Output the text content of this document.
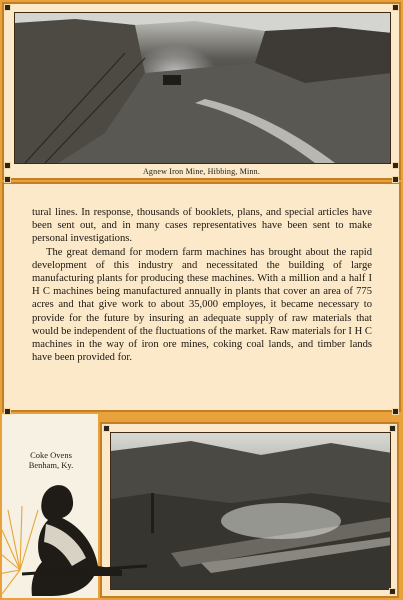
Agnew Iron Mine, Hibbing, Minn.

tural lines. In response, thousands of booklets, plans, and special articles have been sent out, and in many cases representatives have been sent to make personal investigations.

The great demand for modern farm machines has brought about the rapid development of this industry and necessitated the building of large manufacturing plants for producing these machines. With a million and a half I H C machines being manufactured annually in plants that cover an area of 775 acres and that give work to about 35,000 employes, it became necessary to provide for the future by insuring an adequate supply of raw materials that would be independent of the fluctuations of the market. Raw materials for I H C machines in the way of iron ore mines, coking coal lands, and timber lands have been provided for.

Coke Ovens
Benham, Ky.
